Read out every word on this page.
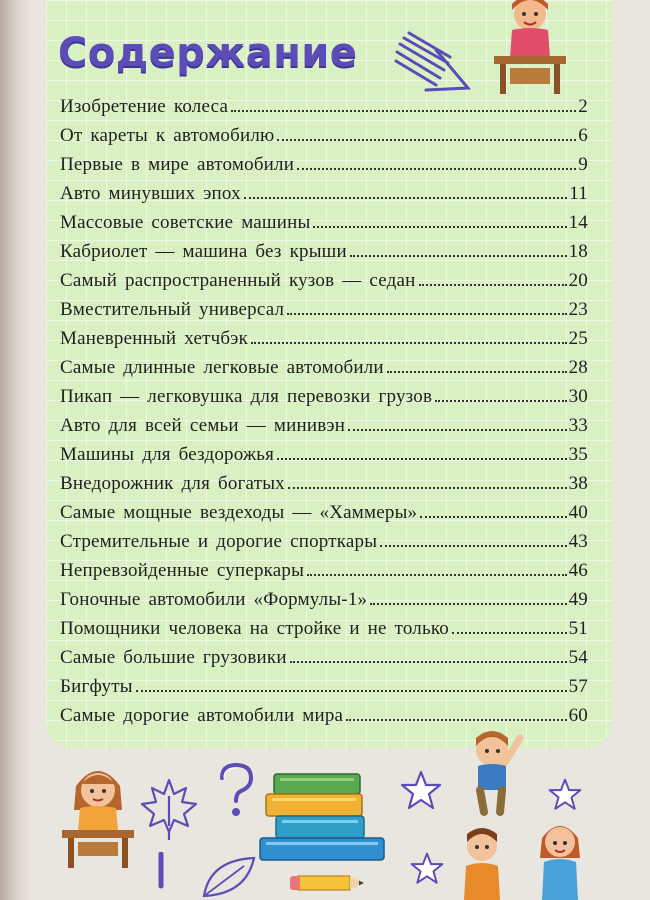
Содержание
Изобретение колеса	2
От кареты к автомобилю	6
Первые в мире автомобили	9
Авто минувших эпох	11
Массовые советские машины	14
Кабриолет — машина без крыши	18
Самый распространенный кузов — седан	20
Вместительный универсал	23
Маневренный хетчбэк	25
Самые длинные легковые автомобили	28
Пикап — легковушка для перевозки грузов	30
Авто для всей семьи — минивэн	33
Машины для бездорожья	35
Внедорожник для богатых	38
Самые мощные вездеходы — «Хаммеры»	40
Стремительные и дорогие спорткары	43
Непревзойденные суперкары	46
Гоночные автомобили «Формулы-1»	49
Помощники человека на стройке и не только	51
Самые большие грузовики	54
Бигфуты	57
Самые дорогие автомобили мира	60
